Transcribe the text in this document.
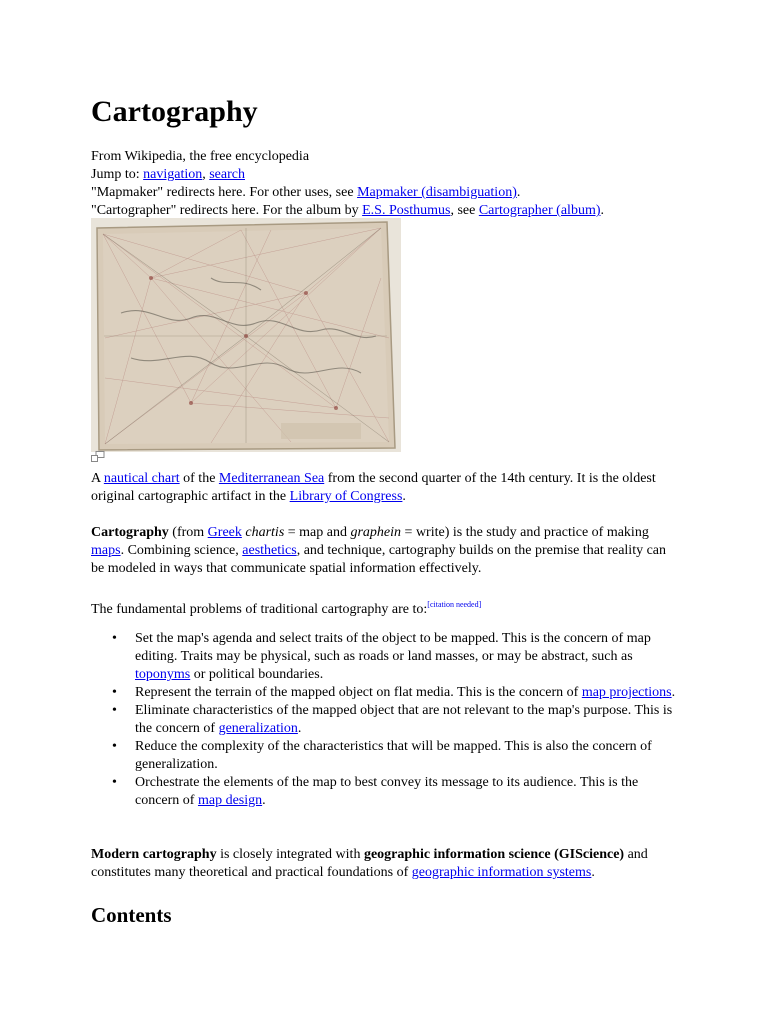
Cartography

From Wikipedia, the free encyclopedia

Jump to: navigation, search

"Mapmaker" redirects here. For other uses, see Mapmaker (disambiguation).

"Cartographer" redirects here. For the album by E.S. Posthumus, see Cartographer (album).

A nautical chart of the Mediterranean Sea from the second quarter of the 14th century. It is the oldest original cartographic artifact in the Library of Congress.

Cartography (from Greek chartis = map and graphein = write) is the study and practice of making maps. Combining science, aesthetics, and technique, cartography builds on the premise that reality can be modeled in ways that communicate spatial information effectively.

The fundamental problems of traditional cartography are to:[citation needed]

• Set the map's agenda and select traits of the object to be mapped. This is the concern of map editing. Traits may be physical, such as roads or land masses, or may be abstract, such as toponyms or political boundaries.
• Represent the terrain of the mapped object on flat media. This is the concern of map projections.
• Eliminate characteristics of the mapped object that are not relevant to the map's purpose. This is the concern of generalization.
• Reduce the complexity of the characteristics that will be mapped. This is also the concern of generalization.
• Orchestrate the elements of the map to best convey its message to its audience. This is the concern of map design.

Modern cartography is closely integrated with geographic information science (GIScience) and constitutes many theoretical and practical foundations of geographic information systems.

Contents
